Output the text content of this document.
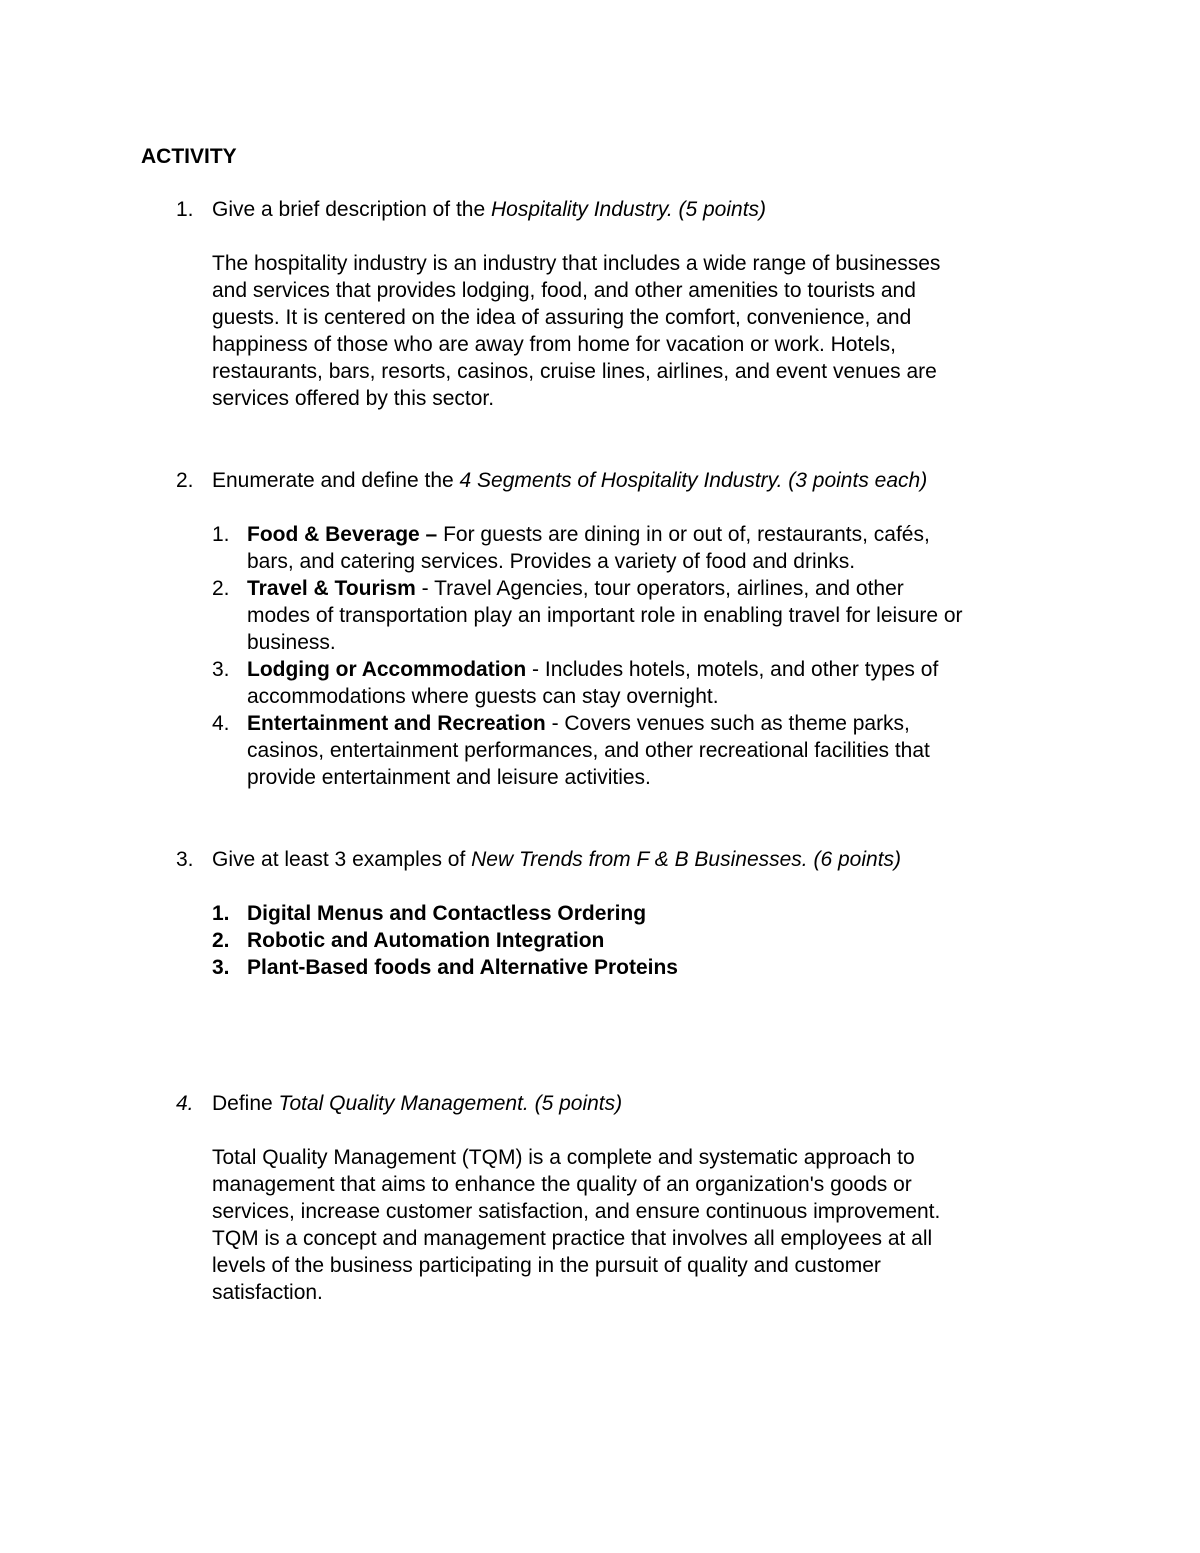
ACTIVITY
1. Give a brief description of the Hospitality Industry. (5 points)
The hospitality industry is an industry that includes a wide range of businesses
and services that provides lodging, food, and other amenities to tourists and
guests. It is centered on the idea of assuring the comfort, convenience, and
happiness of those who are away from home for vacation or work. Hotels,
restaurants, bars, resorts, casinos, cruise lines, airlines, and event venues are
services offered by this sector.
2. Enumerate and define the 4 Segments of Hospitality Industry. (3 points each)
1. Food & Beverage – For guests are dining in or out of, restaurants, cafés,
bars, and catering services. Provides a variety of food and drinks.
2. Travel & Tourism - Travel Agencies, tour operators, airlines, and other
modes of transportation play an important role in enabling travel for leisure or
business.
3. Lodging or Accommodation - Includes hotels, motels, and other types of
accommodations where guests can stay overnight.
4. Entertainment and Recreation - Covers venues such as theme parks,
casinos, entertainment performances, and other recreational facilities that
provide entertainment and leisure activities.
3. Give at least 3 examples of New Trends from F & B Businesses. (6 points)
1. Digital Menus and Contactless Ordering
2. Robotic and Automation Integration
3. Plant-Based foods and Alternative Proteins
4. Define Total Quality Management. (5 points)
Total Quality Management (TQM) is a complete and systematic approach to
management that aims to enhance the quality of an organization's goods or
services, increase customer satisfaction, and ensure continuous improvement.
TQM is a concept and management practice that involves all employees at all
levels of the business participating in the pursuit of quality and customer
satisfaction.
